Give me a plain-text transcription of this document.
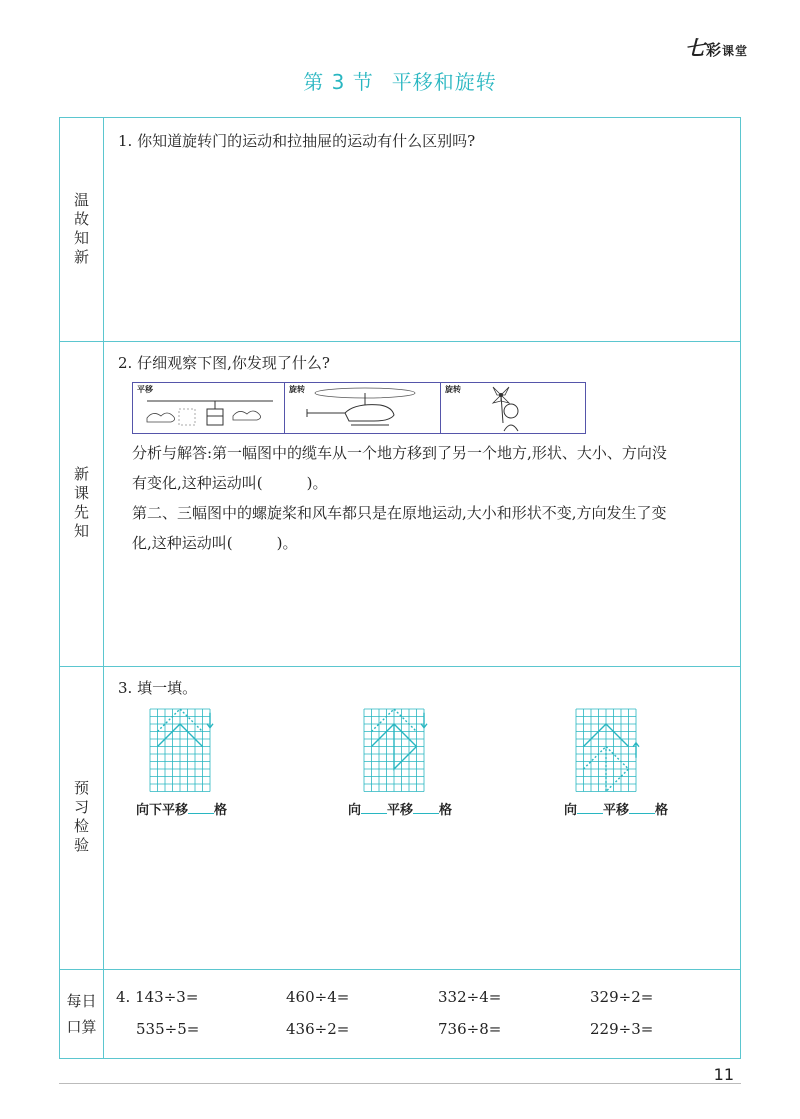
七彩课堂
第 3 节 平移和旋转
温故知新
1. 你知道旋转门的运动和拉抽屉的运动有什么区别吗?
新课先知
2. 仔细观察下图,你发现了什么?
平移	旋转	旋转
分析与解答:第一幅图中的缆车从一个地方移到了另一个地方,形状、大小、方向没
有变化,这种运动叫(	)。
第二、三幅图中的螺旋桨和风车都只是在原地运动,大小和形状不变,方向发生了变
化,这种运动叫(	)。
预习检验
3. 填一填。
向下平移 格	向 平移 格	向 平移 格
每日
口算
4. 143÷3=	460÷4=	332÷4=	329÷2=
535÷5=	436÷2=	736÷8=	229÷3=
11
